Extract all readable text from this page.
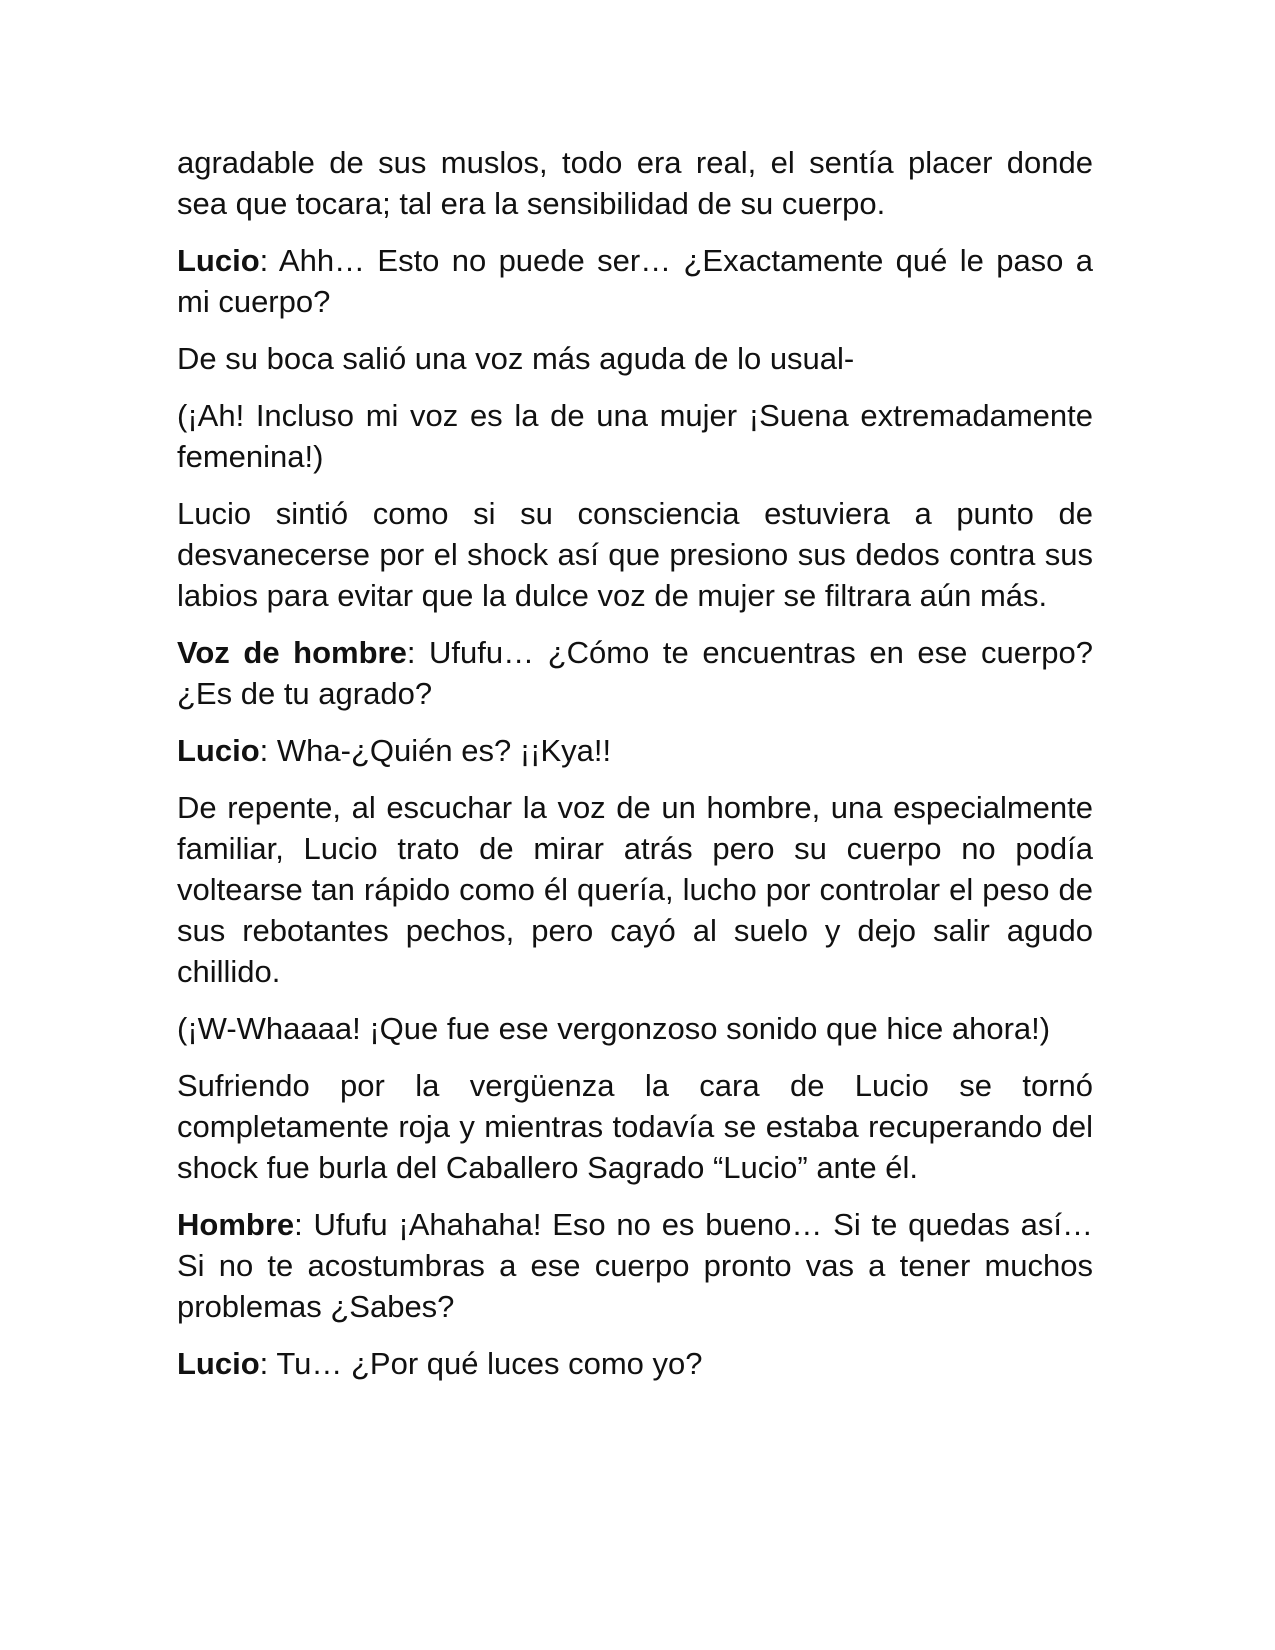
agradable de sus muslos, todo era real, el sentía placer donde sea que tocara; tal era la sensibilidad de su cuerpo.

Lucio: Ahh… Esto no puede ser… ¿Exactamente qué le paso a mi cuerpo?

De su boca salió una voz más aguda de lo usual-

(¡Ah! Incluso mi voz es la de una mujer ¡Suena extremadamente femenina!)

Lucio sintió como si su consciencia estuviera a punto de desvanecerse por el shock así que presiono sus dedos contra sus labios para evitar que la dulce voz de mujer se filtrara aún más.

Voz de hombre: Ufufu… ¿Cómo te encuentras en ese cuerpo? ¿Es de tu agrado?

Lucio: Wha-¿Quién es? ¡¡Kya!!

De repente, al escuchar la voz de un hombre, una especialmente familiar, Lucio trato de mirar atrás pero su cuerpo no podía voltearse tan rápido como él quería, lucho por controlar el peso de sus rebotantes pechos, pero cayó al suelo y dejo salir agudo chillido.

(¡W-Whaaaa! ¡Que fue ese vergonzoso sonido que hice ahora!)

Sufriendo por la vergüenza la cara de Lucio se tornó completamente roja y mientras todavía se estaba recuperando del shock fue burla del Caballero Sagrado “Lucio” ante él.

Hombre: Ufufu ¡Ahahaha! Eso no es bueno… Si te quedas así… Si no te acostumbras a ese cuerpo pronto vas a tener muchos problemas ¿Sabes?

Lucio: Tu… ¿Por qué luces como yo?
